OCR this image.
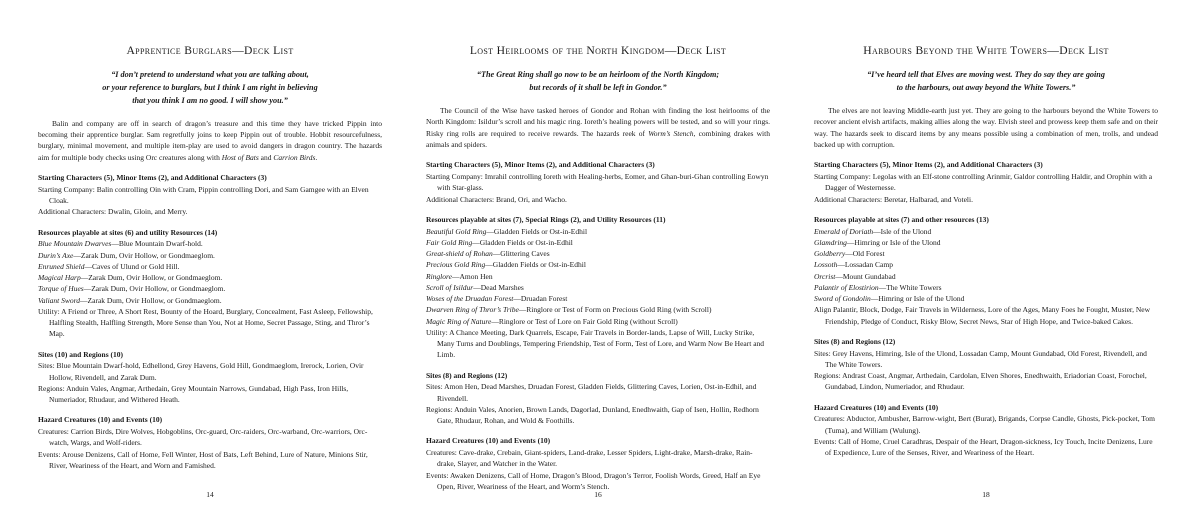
Apprentice Burglars—Deck List
“I don’t pretend to understand what you are talking about,
or your reference to burglars, but I think I am right in believing
that you think I am no good. I will show you.”

Balin and company are off in search of dragon’s treasure and this time they have tricked Pippin into becoming their apprentice burglar. Sam regretfully joins to keep Pippin out of trouble. Hobbit resourcefulness, burglary, minimal movement, and multiple item-play are used to avoid dangers in dragon country. The hazards aim for multiple body checks using Orc creatures along with Host of Bats and Carrion Birds.

Starting Characters (5), Minor Items (2), and Additional Characters (3)
Starting Company: Balin controlling Oin with Cram, Pippin controlling Dori, and Sam Gamgee with an Elven Cloak.
Additional Characters: Dwalin, Gloin, and Merry.
Resources playable at sites (6) and utility Resources (14)
Blue Mountain Dwarves—Blue Mountain Dwarf-hold.
Durin’s Axe—Zarak Dum, Ovir Hollow, or Gondmaeglom.
Enruned Shield—Caves of Ulund or Gold Hill.
Magical Harp—Zarak Dum, Ovir Hollow, or Gondmaeglom.
Torque of Hues—Zarak Dum, Ovir Hollow, or Gondmaeglom.
Valiant Sword—Zarak Dum, Ovir Hollow, or Gondmaeglom.
Utility: A Friend or Three, A Short Rest, Bounty of the Hoard, Burglary, Concealment, Fast Asleep, Fellowship, Halfling Stealth, Halfling Strength, More Sense than You, Not at Home, Secret Passage, Sting, and Thror’s Map.
Sites (10) and Regions (10)
Sites: Blue Mountain Dwarf-hold, Edhellond, Grey Havens, Gold Hill, Gondmaeglom, Irerock, Lorien, Ovir Hollow, Rivendell, and Zarak Dum.
Regions: Anduin Vales, Angmar, Arthedain, Grey Mountain Narrows, Gundabad, High Pass, Iron Hills, Numeriador, Rhudaur, and Withered Heath.
Hazard Creatures (10) and Events (10)
Creatures: Carrion Birds, Dire Wolves, Hobgoblins, Orc-guard, Orc-raiders, Orc-warband, Orc-warriors, Orc-watch, Wargs, and Wolf-riders.
Events: Arouse Denizens, Call of Home, Fell Winter, Host of Bats, Left Behind, Lure of Nature, Minions Stir, River, Weariness of the Heart, and Worn and Famished.
14
Lost Heirlooms of the North Kingdom—Deck List
“The Great Ring shall go now to be an heirloom of the North Kingdom;
but records of it shall be left in Gondor.”

The Council of the Wise have tasked heroes of Gondor and Rohan with finding the lost heirlooms of the North Kingdom: Isildur’s scroll and his magic ring. Ioreth’s healing powers will be tested, and so will your rings. Risky ring rolls are required to receive rewards. The hazards reek of Worm’s Stench, combining drakes with animals and spiders.

Starting Characters (5), Minor Items (2), and Additional Characters (3)
Starting Company: Imrahil controlling Ioreth with Healing-herbs, Eomer, and Ghan-buri-Ghan controlling Eowyn with Star-glass.
Additional Characters: Brand, Ori, and Wacho.
Resources playable at sites (7), Special Rings (2), and Utility Resources (11)
Beautiful Gold Ring—Gladden Fields or Ost-in-Edhil
Fair Gold Ring—Gladden Fields or Ost-in-Edhil
Great-shield of Rohan—Glittering Caves
Precious Gold Ring—Gladden Fields or Ost-in-Edhil
Ringlore—Amon Hen
Scroll of Isildur—Dead Marshes
Woses of the Druadan Forest—Druadan Forest
Dwarven Ring of Thror’s Tribe—Ringlore or Test of Form on Precious Gold Ring (with Scroll)
Magic Ring of Nature—Ringlore or Test of Lore on Fair Gold Ring (without Scroll)
Utility: A Chance Meeting, Dark Quarrels, Escape, Fair Travels in Border-lands, Lapse of Will, Lucky Strike, Many Turns and Doublings, Tempering Friendship, Test of Form, Test of Lore, and Warm Now Be Heart and Limb.
Sites (8) and Regions (12)
Sites: Amon Hen, Dead Marshes, Druadan Forest, Gladden Fields, Glittering Caves, Lorien, Ost-in-Edhil, and Rivendell.
Regions: Anduin Vales, Anorien, Brown Lands, Dagorlad, Dunland, Enedhwaith, Gap of Isen, Hollin, Redhorn Gate, Rhudaur, Rohan, and Wold & Foothills.
Hazard Creatures (10) and Events (10)
Creatures: Cave-drake, Crebain, Giant-spiders, Land-drake, Lesser Spiders, Light-drake, Marsh-drake, Rain-drake, Slayer, and Watcher in the Water.
Events: Awaken Denizens, Call of Home, Dragon’s Blood, Dragon’s Terror, Foolish Words, Greed, Half an Eye Open, River, Weariness of the Heart, and Worm’s Stench.
16
Harbours Beyond the White Towers—Deck List
“I’ve heard tell that Elves are moving west. They do say they are going
to the harbours, out away beyond the White Towers.”

The elves are not leaving Middle-earth just yet. They are going to the harbours beyond the White Towers to recover ancient elvish artifacts, making allies along the way. Elvish steel and prowess keep them safe and on their way. The hazards seek to discard items by any means possible using a combination of men, trolls, and undead backed up with corruption.

Starting Characters (5), Minor Items (2), and Additional Characters (3)
Starting Company: Legolas with an Elf-stone controlling Arinmir, Galdor controlling Haldir, and Orophin with a Dagger of Westernesse.
Additional Characters: Beretar, Halbarad, and Voteli.
Resources playable at sites (7) and other resources (13)
Emerald of Doriath—Isle of the Ulond
Glamdring—Himring or Isle of the Ulond
Goldberry—Old Forest
Lossoth—Lossadan Camp
Orcrist—Mount Gundabad
Palantir of Elostirion—The White Towers
Sword of Gondolin—Himring or Isle of the Ulond
Align Palantir, Block, Dodge, Fair Travels in Wilderness, Lore of the Ages, Many Foes he Fought, Muster, New Friendship, Pledge of Conduct, Risky Blow, Secret News, Star of High Hope, and Twice-baked Cakes.
Sites (8) and Regions (12)
Sites: Grey Havens, Himring, Isle of the Ulond, Lossadan Camp, Mount Gundabad, Old Forest, Rivendell, and The White Towers.
Regions: Andrast Coast, Angmar, Arthedain, Cardolan, Elven Shores, Enedhwaith, Eriadorian Coast, Forochel, Gundabad, Lindon, Numeriador, and Rhudaur.
Hazard Creatures (10) and Events (10)
Creatures: Abductor, Ambusher, Barrow-wight, Bert (Burat), Brigands, Corpse Candle, Ghosts, Pick-pocket, Tom (Tuma), and William (Wulung).
Events: Call of Home, Cruel Caradhras, Despair of the Heart, Dragon-sickness, Icy Touch, Incite Denizens, Lure of Expedience, Lure of the Senses, River, and Weariness of the Heart.
18
